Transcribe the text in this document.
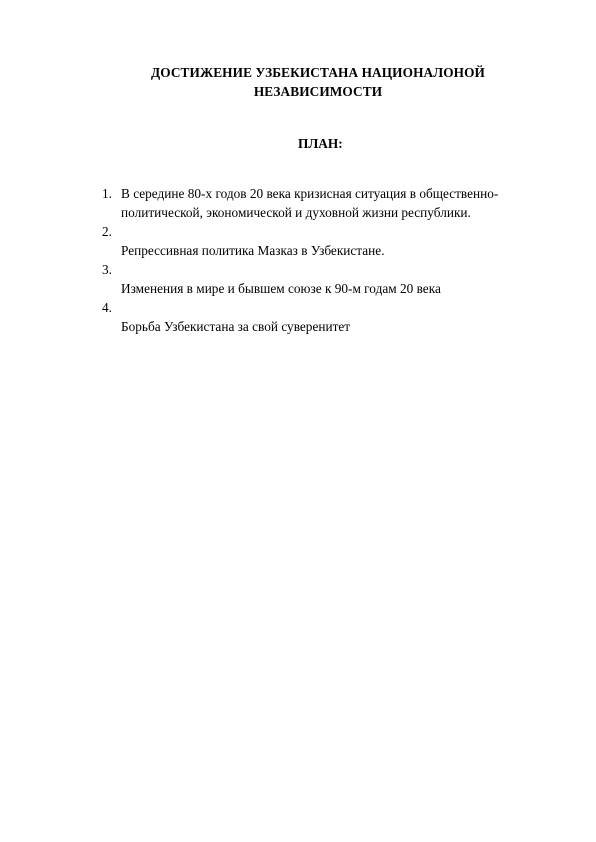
ДОСТИЖЕНИЕ УЗБЕКИСТАНА НАЦИОНАЛОНОЙ
НЕЗАВИСИМОСТИ
ПЛАН:
1. В середине 80-х годов 20 века кризисная ситуация в общественно-политической, экономической и духовной жизни республики.
2.
Репрессивная политика Мазказ в Узбекистане.
3.
Изменения в мире и бывшем союзе к 90-м годам 20 века
4.
Борьба Узбекистана за свой суверенитет
